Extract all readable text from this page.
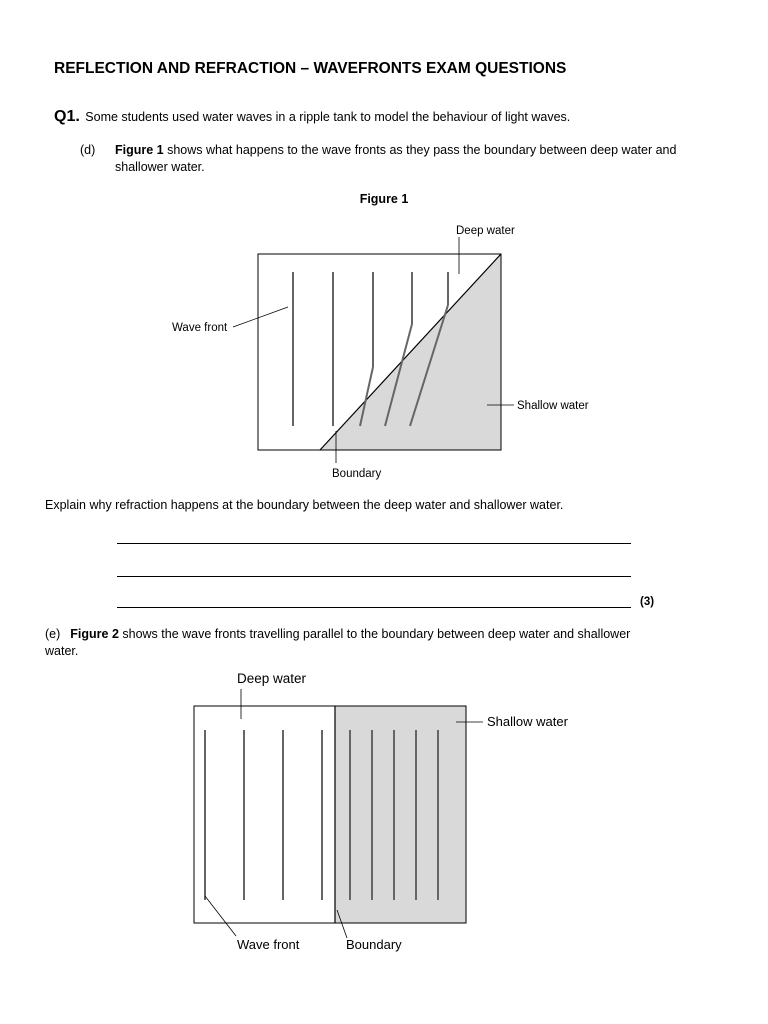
REFLECTION AND REFRACTION – WAVEFRONTS EXAM QUESTIONS
Q1. Some students used water waves in a ripple tank to model the behaviour of light waves.
(d) Figure 1 shows what happens to the wave fronts as they pass the boundary between deep water and shallower water.
Figure 1
Deep water
Wave front
Shallow water
Boundary
Explain why refraction happens at the boundary between the deep water and shallower water.
(3)
(e) Figure 2 shows the wave fronts travelling parallel to the boundary between deep water and shallower water.
Deep water
Shallow water
Wave front	Boundary
